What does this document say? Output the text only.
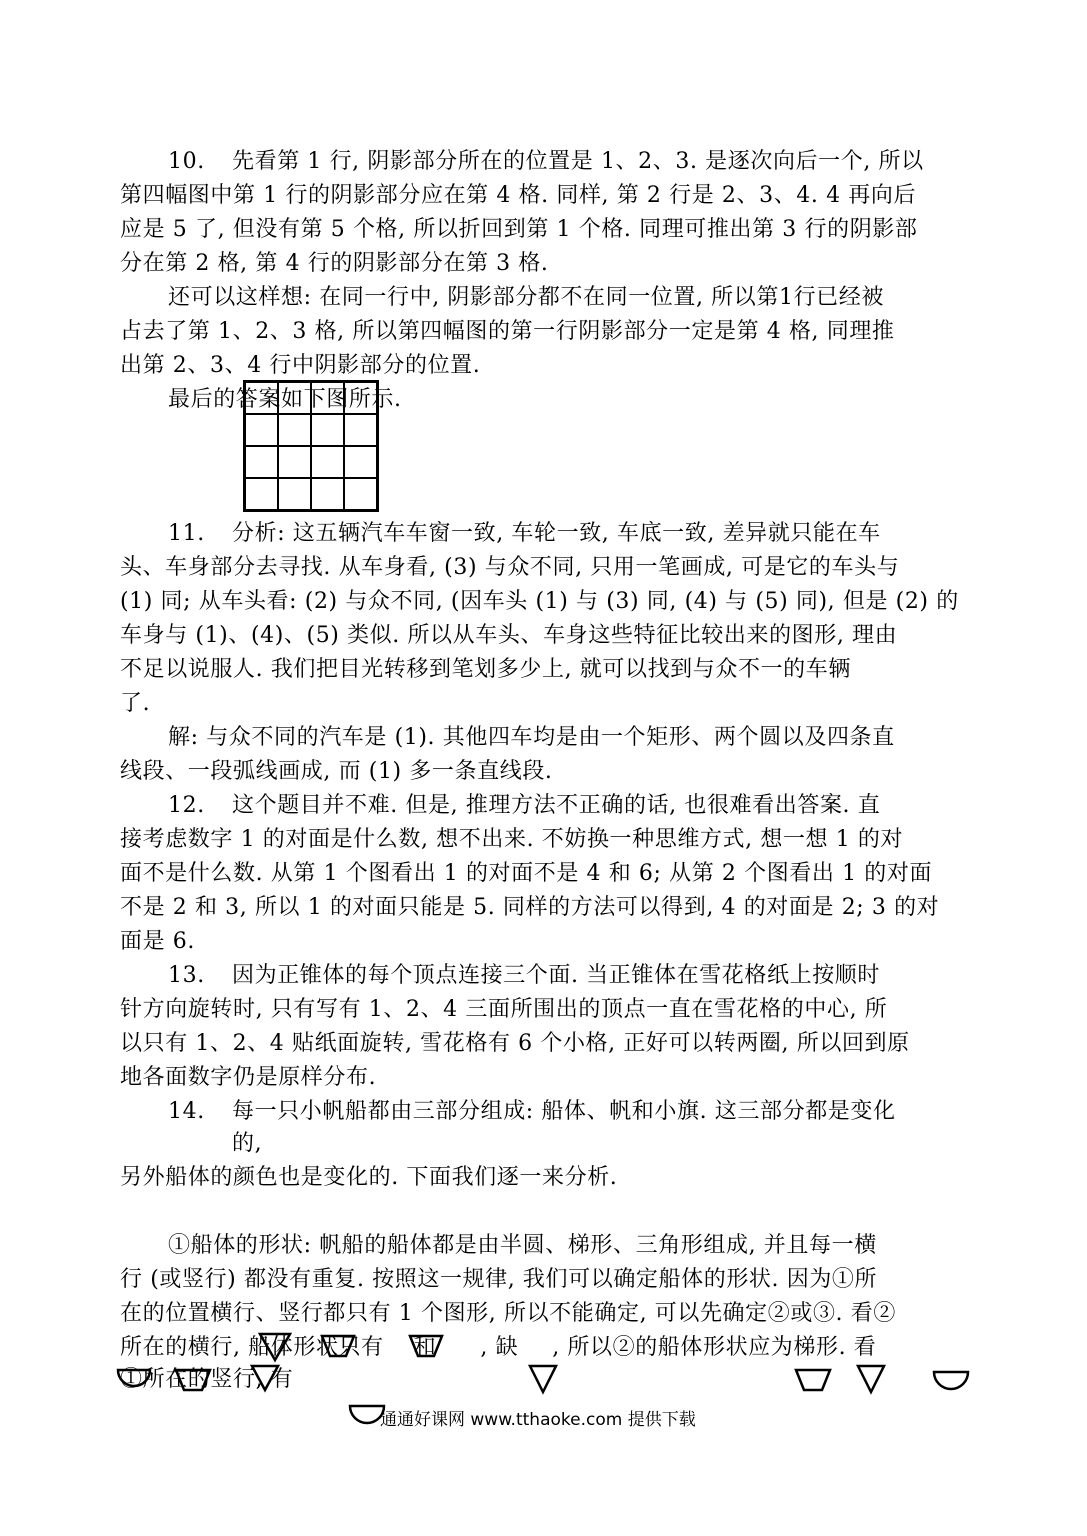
10. 先看第 1 行, 阴影部分所在的位置是 1、2、3. 是逐次向后一个, 所以
第四幅图中第 1 行的阴影部分应在第 4 格. 同样, 第 2 行是 2、3、4. 4 再向后
应是 5 了, 但没有第 5 个格, 所以折回到第 1 个格. 同理可推出第 3 行的阴影部
分在第 2 格, 第 4 行的阴影部分在第 3 格.
还可以这样想: 在同一行中, 阴影部分都不在同一位置, 所以第1行已经被
占去了第 1、2、3 格, 所以第四幅图的第一行阴影部分一定是第 4 格, 同理推
出第 2、3、4 行中阴影部分的位置.
最后的答案如下图所示.
11. 分析: 这五辆汽车车窗一致, 车轮一致, 车底一致, 差异就只能在车
头、车身部分去寻找. 从车身看, (3) 与众不同, 只用一笔画成, 可是它的车头与
(1) 同; 从车头看: (2) 与众不同, (因车头 (1) 与 (3) 同, (4) 与 (5) 同), 但是 (2) 的
车身与 (1)、(4)、(5) 类似. 所以从车头、车身这些特征比较出来的图形, 理由
不足以说服人. 我们把目光转移到笔划多少上, 就可以找到与众不一的车辆
了.
解: 与众不同的汽车是 (1). 其他四车均是由一个矩形、两个圆以及四条直
线段、一段弧线画成, 而 (1) 多一条直线段.
12. 这个题目并不难. 但是, 推理方法不正确的话, 也很难看出答案. 直
接考虑数字 1 的对面是什么数, 想不出来. 不妨换一种思维方式, 想一想 1 的对
面不是什么数. 从第 1 个图看出 1 的对面不是 4 和 6; 从第 2 个图看出 1 的对面
不是 2 和 3, 所以 1 的对面只能是 5. 同样的方法可以得到, 4 的对面是 2; 3 的对
面是 6.
13. 因为正锥体的每个顶点连接三个面. 当正锥体在雪花格纸上按顺时
针方向旋转时, 只有写有 1、2、4 三面所围出的顶点一直在雪花格的中心, 所
以只有 1、2、4 贴纸面旋转, 雪花格有 6 个小格, 正好可以转两圈, 所以回到原
地各面数字仍是原样分布.
14. 每一只小帆船都由三部分组成: 船体、帆和小旗. 这三部分都是变化
的,
另外船体的颜色也是变化的. 下面我们逐一来分析.
①船体的形状: 帆船的船体都是由半圆、梯形、三角形组成, 并且每一横
行 (或竖行) 都没有重复. 按照这一规律, 我们可以确定船体的形状. 因为①所
在的位置横行、竖行都只有 1 个图形, 所以不能确定, 可以先确定②或③. 看②
所在的横行, 船体形状只有 和 , 缺 , 所以②的船体形状应为梯形. 看
①所在的竖行, 有
通通好课网 www.tthaoke.com 提供下载
